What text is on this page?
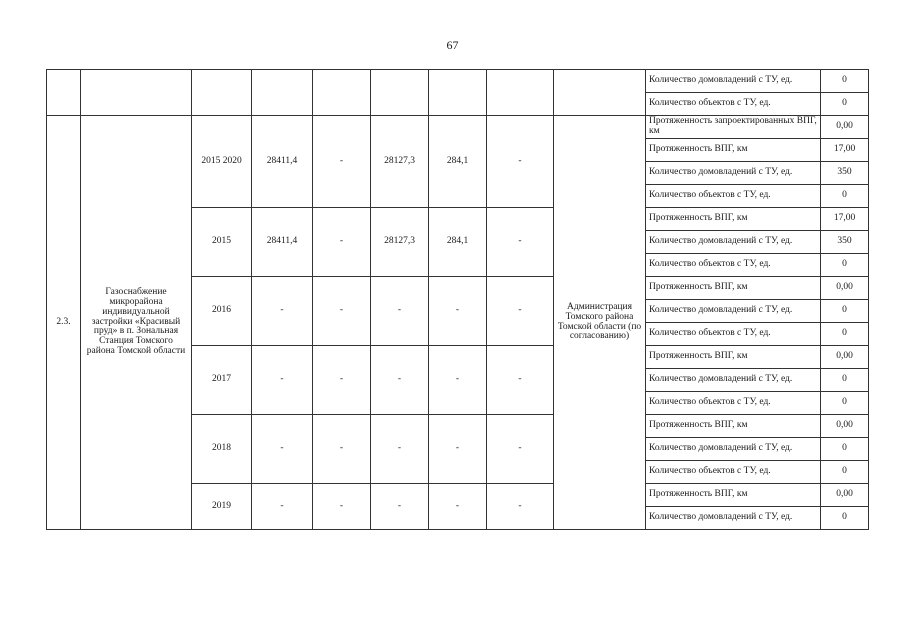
67
									Количество домовладений с ТУ, ед.	0
									Количество объектов с ТУ, ед.	0
2.3.	Газоснабжение микрорайона индивидуальной застройки «Красивый пруд» в п. Зональная Станция Томского района Томской области	2015 2020	28411,4	-	28127,3	284,1	-	Администрация Томского района Томской области (по согласованию)	Протяженность запроектированных ВПГ, км	0,00
									Протяженность ВПГ, км	17,00
									Количество домовладений с ТУ, ед.	350
									Количество объектов с ТУ, ед.	0
		2015	28411,4	-	28127,3	284,1	-		Протяженность ВПГ, км	17,00
									Количество домовладений с ТУ, ед.	350
									Количество объектов с ТУ, ед.	0
		2016	-	-	-	-	-		Протяженность ВПГ, км	0,00
									Количество домовладений с ТУ, ед.	0
									Количество объектов с ТУ, ед.	0
		2017	-	-	-	-	-		Протяженность ВПГ, км	0,00
									Количество домовладений с ТУ, ед.	0
									Количество объектов с ТУ, ед.	0
		2018	-	-	-	-	-		Протяженность ВПГ, км	0,00
									Количество домовладений с ТУ, ед.	0
									Количество объектов с ТУ, ед.	0
		2019	-	-	-	-	-		Протяженность ВПГ, км	0,00
									Количество домовладений с ТУ, ед.	0
